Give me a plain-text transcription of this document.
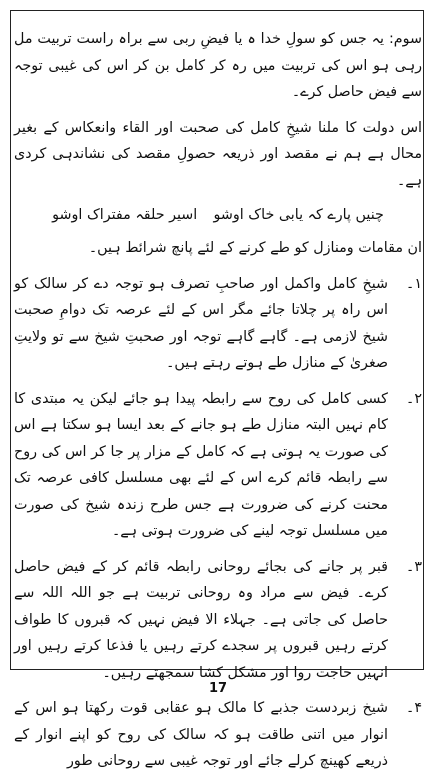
سوم: یہ جس کو سولِ خدا ہ یا فیضِ ربی سے براہ راست تربیت مل رہی ہو اس کی تربیت میں رہ کر کامل بن کر اس کی غیبی توجہ سے فیض حاصل کرے۔

اس دولت کا ملنا شیخِ کامل کی صحبت اور القاء وانعکاس کے بغیر محال ہے ہم نے مقصد اور ذریعہ حصولِ مقصد کی نشاندہی کردی ہے۔

چنیں پارے کہ یابی خاک اوشو
اسیر حلقہ مفتراک اوشو

ان مقامات ومنازل کو طے کرنے کے لئے پانچ شرائط ہیں۔

۱۔
شیخِ کامل واکمل اور صاحبِ تصرف ہو توجہ دے کر سالک کو اس راہ پر چلاتا جائے مگر اس کے لئے عرصہ تک دوامِ صحبت شیخ لازمی ہے۔ گاہے گاہے توجہ اور صحبتِ شیخ سے تو ولایتِ صغریٰ کے منازل طے ہوتے رہتے ہیں۔
۲۔
کسی کامل کی روح سے رابطہ پیدا ہو جائے لیکن یہ مبتدی کا کام نہیں البتہ منازل طے ہو جانے کے بعد ایسا ہو سکتا ہے اس کی صورت یہ ہوتی ہے کہ کامل کے مزار پر جا کر اس کی روح سے رابطہ قائم کرے اس کے لئے بھی مسلسل کافی عرصہ تک محنت کرنے کی ضرورت ہے جس طرح زندہ شیخ کی صورت میں مسلسل توجہ لینے کی ضرورت ہوتی ہے۔
۳۔
قبر پر جانے کی بجائے روحانی رابطہ قائم کر کے فیض حاصل کرے۔ فیض سے مراد وہ روحانی تربیت ہے جو اللہ اللہ سے حاصل کی جاتی ہے۔ جہلاء الا فیض نہیں کہ قبروں کا طواف کرتے رہیں قبروں پر سجدے کرتے رہیں یا فذعا کرتے رہیں اور انہیں حاجت روا اور مشکل کشا سمجھتے رہیں۔
۴۔
شیخ زبردست جذبے کا مالک ہو عقابی قوت رکھتا ہو اس کے انوار میں اتنی طاقت ہو کہ سالک کی روح کو اپنے انوار کے ذریعے کھینچ کرلے جائے اور توجہ غیبی سے روحانی طور
17
